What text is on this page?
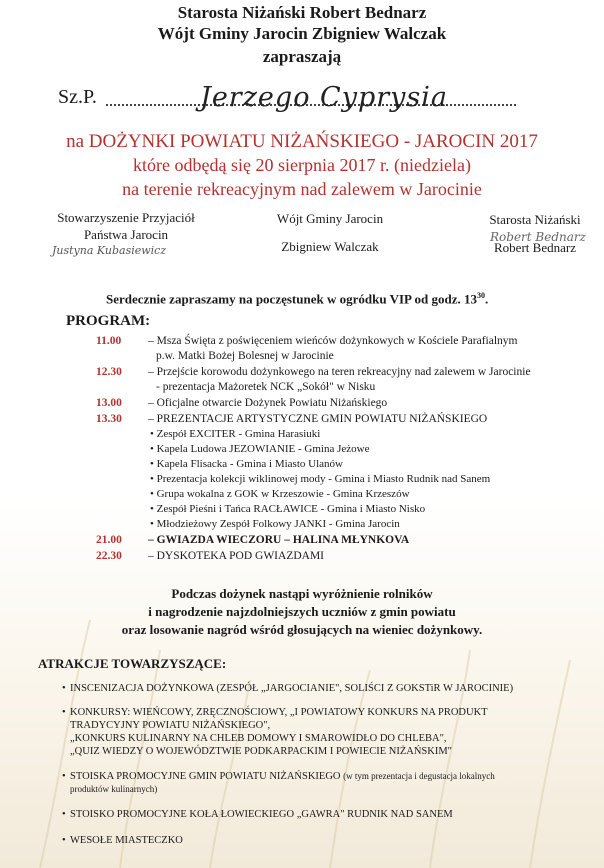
Starosta Niżański Robert Bednarz
Wójt Gminy Jarocin Zbigniew Walczak
zapraszają
Sz.P.	Jerzego Cyprysia
na DOŻYNKI POWIATU NIŻAŃSKIEGO - JAROCIN 2017
które odbędą się 20 sierpnia 2017 r. (niedziela)
na terenie rekreacyjnym nad zalewem w Jarocinie
Stowarzyszenie Przyjaciół
Państwa Jarocin
Justyna Kubasiewicz
Wójt Gminy Jarocin
Zbigniew Walczak
Starosta Niżański
Robert Bednarz
Robert Bednarz
Serdecznie zapraszamy na poczęstunek w ogródku VIP od godz. $13^{30}$.
PROGRAM:
11.00 – Msza Święta z poświęceniem wieńców dożynkowych w Kościele Parafialnym
p.w. Matki Bożej Bolesnej w Jarocinie
12.30 – Przejście korowodu dożynkowego na teren rekreacyjny nad zalewem w Jarocinie
- prezentacja Mażoretek NCK „Sokół" w Nisku
13.00 – Oficjalne otwarcie Dożynek Powiatu Niżańskiego
13.30 – PREZENTACJE ARTYSTYCZNE GMIN POWIATU NIŻAŃSKIEGO
• Zespół EXCITER - Gmina Harasiuki
• Kapela Ludowa JEZOWIANIE - Gmina Jeżowe
• Kapela Flisacka - Gmina i Miasto Ulanów
• Prezentacja kolekcji wiklinowej mody - Gmina i Miasto Rudnik nad Sanem
• Grupa wokalna z GOK w Krzeszowie - Gmina Krzeszów
• Zespół Pieśni i Tańca RACŁAWICE - Gmina i Miasto Nisko
• Młodzieżowy Zespół Folkowy JANKI - Gmina Jarocin
21.00 – GWIAZDA WIECZORU – HALINA MŁYNKOVA
22.30 – DYSKOTEKA POD GWIAZDAMI
Podczas dożynek nastąpi wyróżnienie rolników
i nagrodzenie najzdolniejszych uczniów z gmin powiatu
oraz losowanie nagród wśród głosujących na wieniec dożynkowy.
ATRAKCJE TOWARZYSZĄCE:
• INSCENIZACJA DOŻYNKOWA (ZESPÓŁ „JARGOCIANIE", SOLIŚCI Z GOKSTiR W JAROCINIE)
• KONKURSY: WIEŃCOWY, ZRĘCZNOŚCIOWY, „I POWIATOWY KONKURS NA PRODUKT
TRADYCYJNY POWIATU NIŻAŃSKIEGO",
„KONKURS KULINARNY NA CHLEB DOMOWY I SMAROWIDŁO DO CHLEBA",
„QUIZ WIEDZY O WOJEWÓDZTWIE PODKARPACKIM I POWIECIE NIŻAŃSKIM"
• STOISKA PROMOCYJNE GMIN POWIATU NIŻAŃSKIEGO (w tym prezentacja i degustacja lokalnych
produktów kulinarnych)
• STOISKO PROMOCYJNE KOŁA ŁOWIECKIEGO „GAWRA" RUDNIK NAD SANEM
• WESOŁE MIASTECZKO
